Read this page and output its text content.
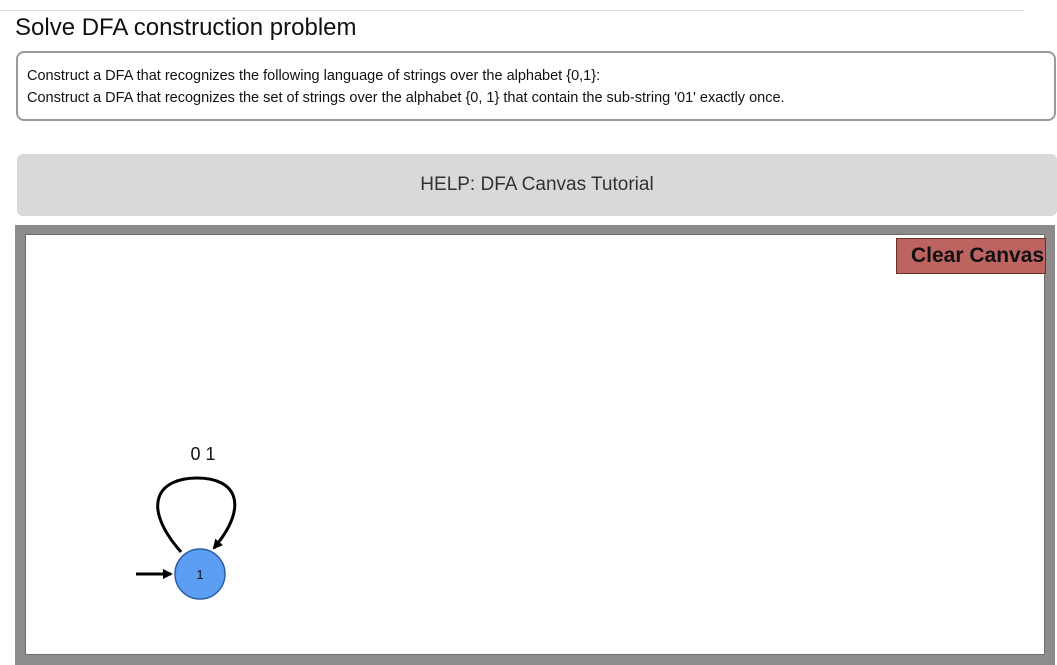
Solve DFA construction problem
Construct a DFA that recognizes the following language of strings over the alphabet {0,1}:
Construct a DFA that recognizes the set of strings over the alphabet {0, 1} that contain the sub-string '01' exactly once.
HELP: DFA Canvas Tutorial
Clear Canvas
0 1
1
